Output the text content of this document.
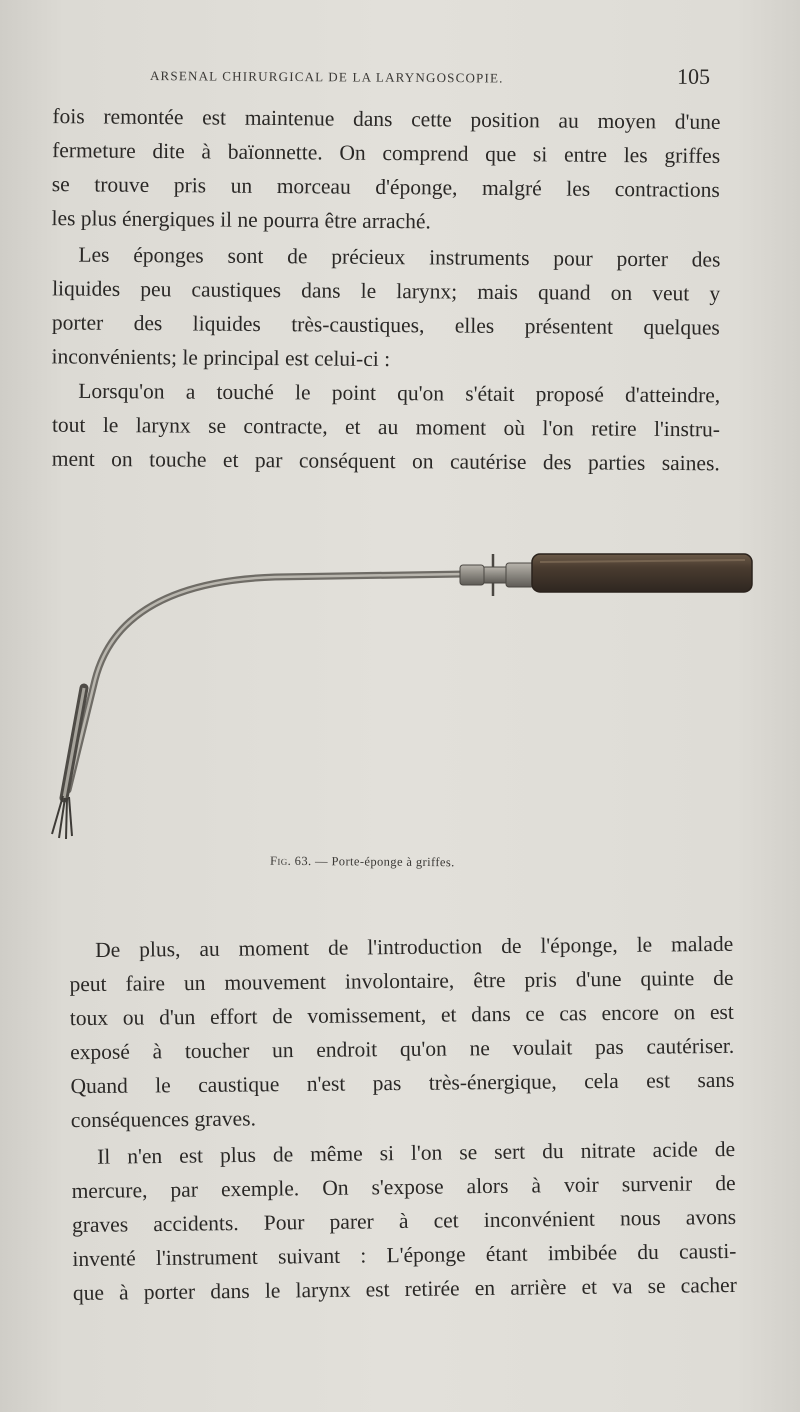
ARSENAL CHIRURGICAL DE LA LARYNGOSCOPIE.	105
fois remontée est maintenue dans cette position au moyen d'une
fermeture dite à baïonnette. On comprend que si entre les griffes
se trouve pris un morceau d'éponge, malgré les contractions
les plus énergiques il ne pourra être arraché.
Les éponges sont de précieux instruments pour porter des
liquides peu caustiques dans le larynx; mais quand on veut y
porter des liquides très-caustiques, elles présentent quelques
inconvénients; le principal est celui-ci :
Lorsqu'on a touché le point qu'on s'était proposé d'atteindre,
tout le larynx se contracte, et au moment où l'on retire l'instru-
ment on touche et par conséquent on cautérise des parties saines.
Fig. 63. — Porte-éponge à griffes.
De plus, au moment de l'introduction de l'éponge, le malade
peut faire un mouvement involontaire, être pris d'une quinte de
toux ou d'un effort de vomissement, et dans ce cas encore on est
exposé à toucher un endroit qu'on ne voulait pas cautériser.
Quand le caustique n'est pas très-énergique, cela est sans
conséquences graves.
Il n'en est plus de même si l'on se sert du nitrate acide de
mercure, par exemple. On s'expose alors à voir survenir de
graves accidents. Pour parer à cet inconvénient nous avons
inventé l'instrument suivant : L'éponge étant imbibée du causti-
que à porter dans le larynx est retirée en arrière et va se cacher
